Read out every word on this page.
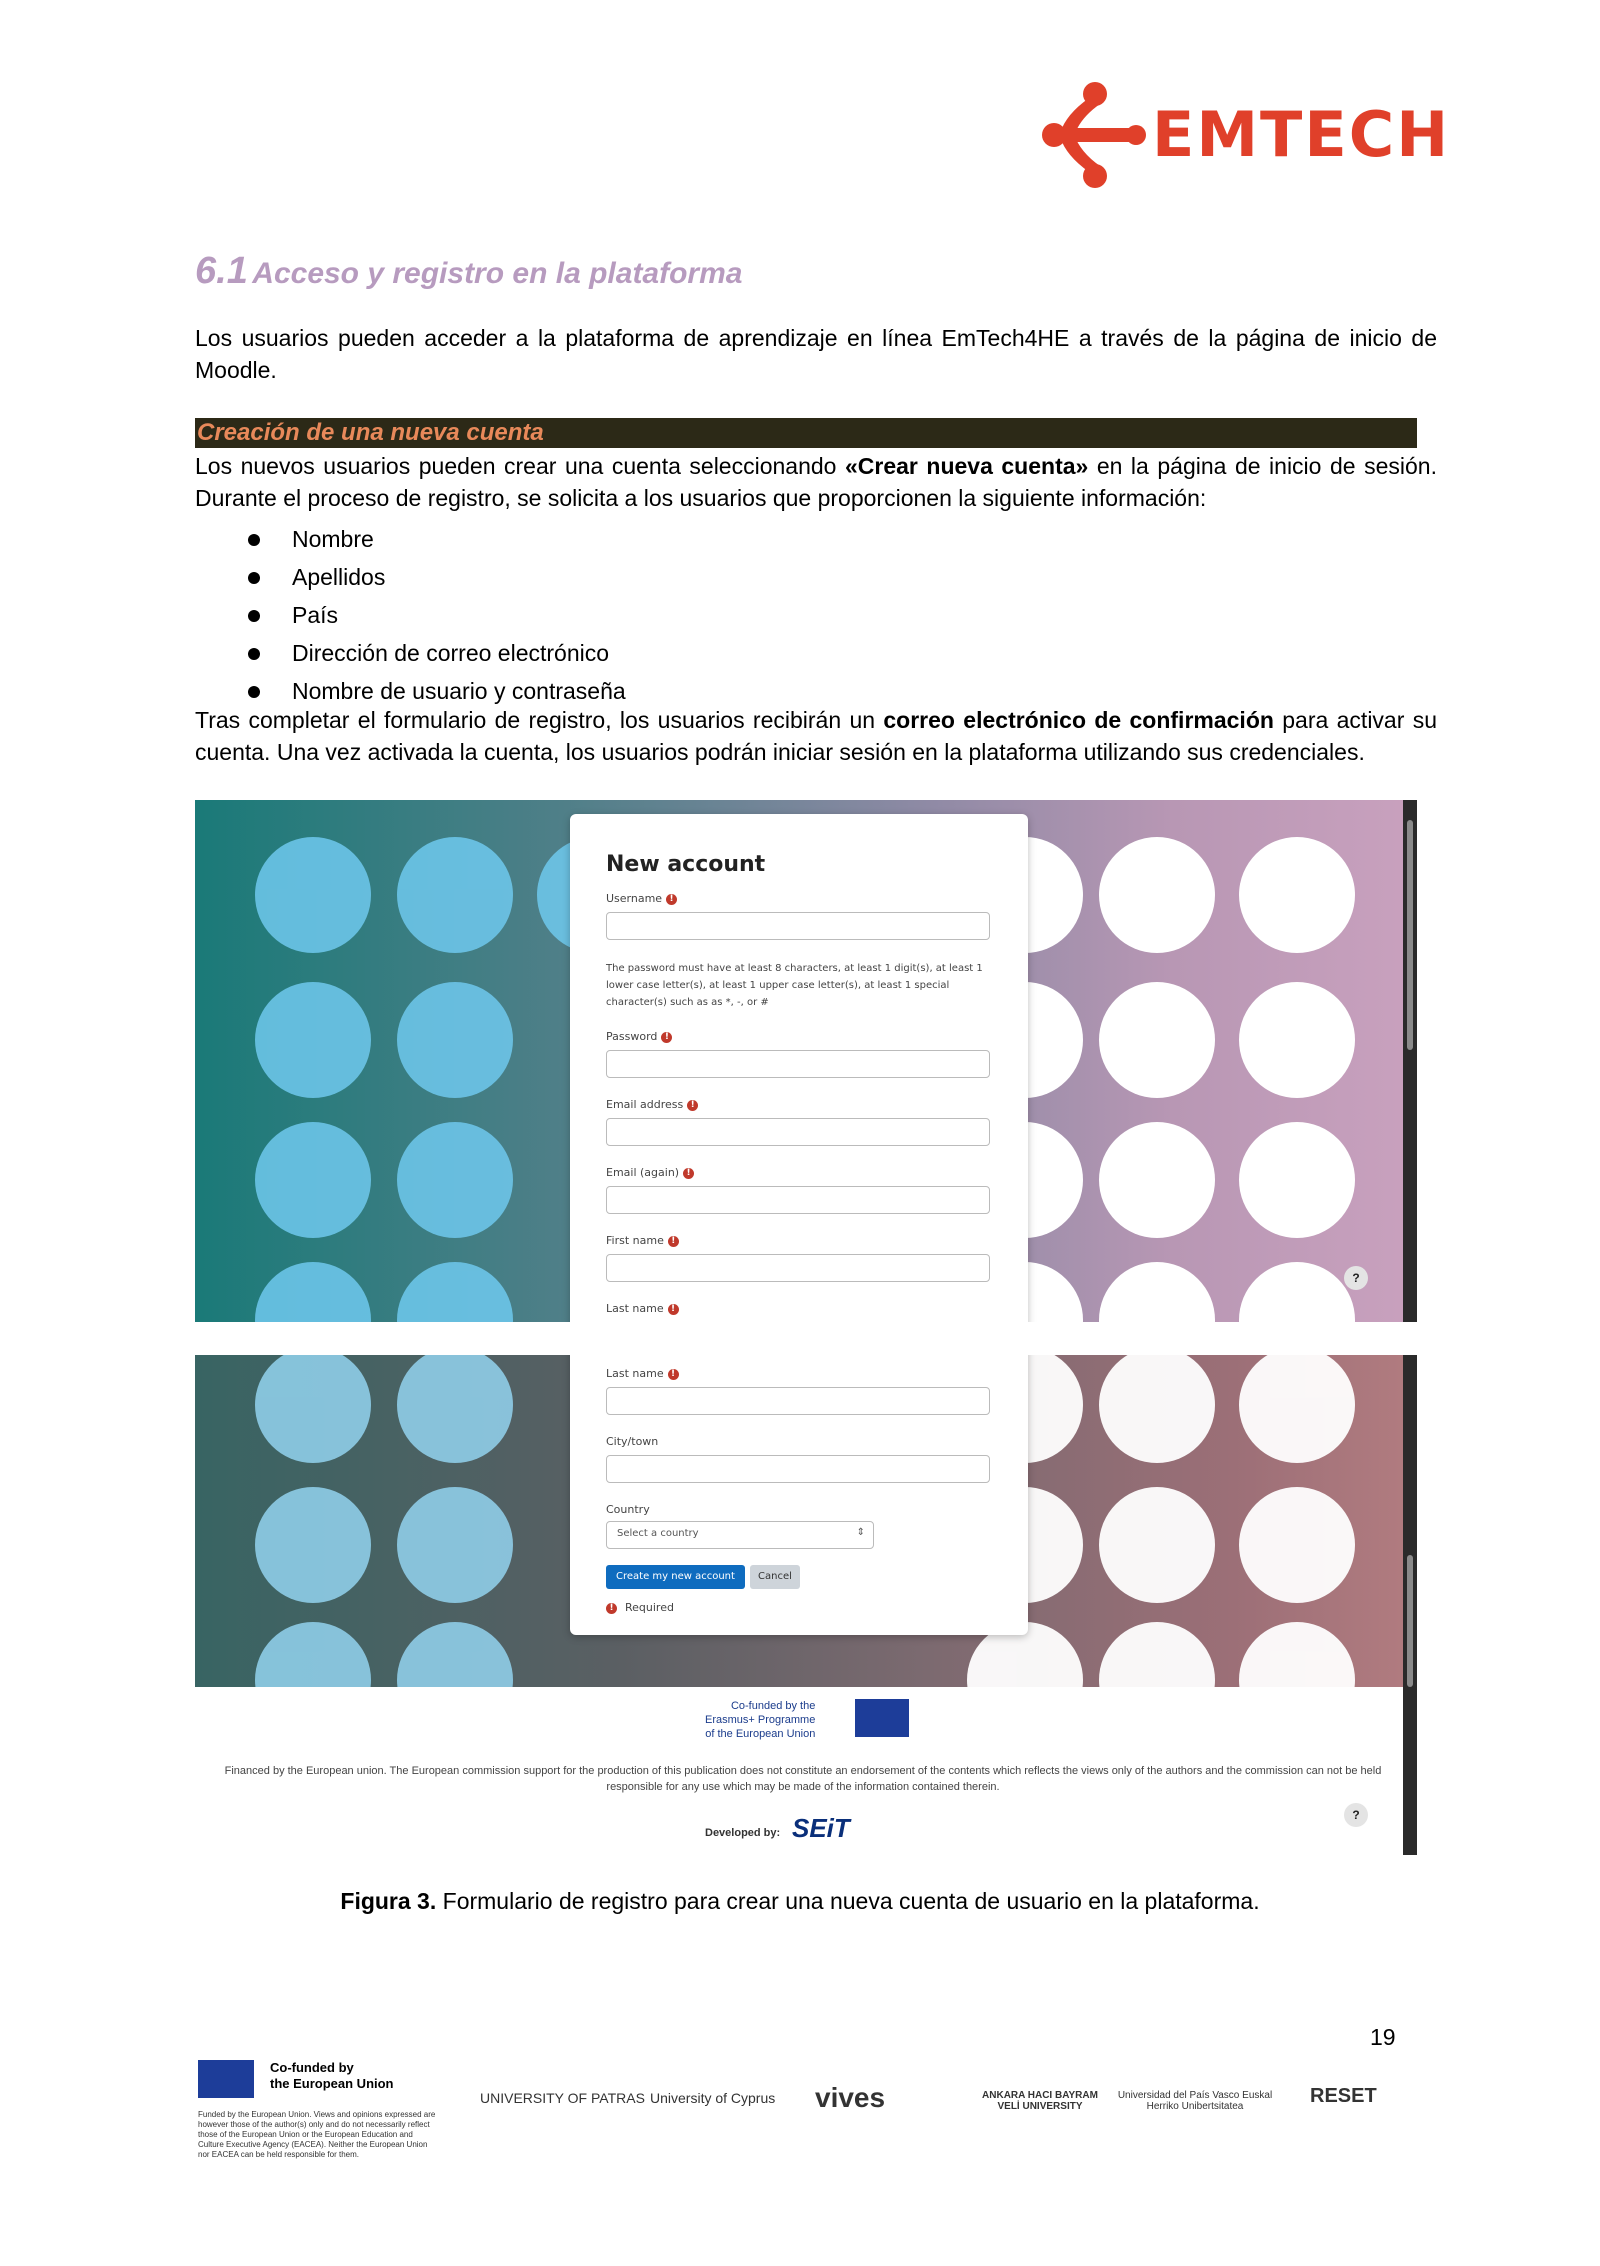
EMTECH
6.1 Acceso y registro en la plataforma
Los usuarios pueden acceder a la plataforma de aprendizaje en línea EmTech4HE a través de la página de inicio de Moodle.
Creación de una nueva cuenta
Los nuevos usuarios pueden crear una cuenta seleccionando «Crear nueva cuenta» en la página de inicio de sesión. Durante el proceso de registro, se solicita a los usuarios que proporcionen la siguiente información:
Nombre
Apellidos
País
Dirección de correo electrónico
Nombre de usuario y contraseña
Tras completar el formulario de registro, los usuarios recibirán un correo electrónico de confirmación para activar su cuenta. Una vez activada la cuenta, los usuarios podrán iniciar sesión en la plataforma utilizando sus credenciales.
New account
Username !
The password must have at least 8 characters, at least 1 digit(s), at least 1 lower case letter(s), at least 1 upper case letter(s), at least 1 special character(s) such as as *, -, or #
Password !
Email address !
Email (again) !
First name !
Last name !
?
Last name !
City/town
Country
Select a country	⇕
Create my new account	Cancel
! Required
Co-funded by the
Erasmus+ Programme
of the European Union
Financed by the European union. The European commission support for the production of this publication does not constitute an endorsement of the contents which reflects the views only of the authors and the commission can not be held responsible for any use which may be made of the information contained therein.
Developed by: SEiT	?
Figura 3. Formulario de registro para crear una nueva cuenta de usuario en la plataforma.
19
Co-funded by
the European Union
Funded by the European Union. Views and opinions expressed are however those of the author(s) only and do not necessarily reflect those of the European Union or the European Education and Culture Executive Agency (EACEA). Neither the European Union nor EACEA can be held responsible for them.
UNIVERSITY OF PATRAS University of Cyprus vives	ANKARA HACI BAYRAM VELİ UNIVERSITY
Universidad del País Vasco Euskal Herriko Unibertsitatea	RESET
